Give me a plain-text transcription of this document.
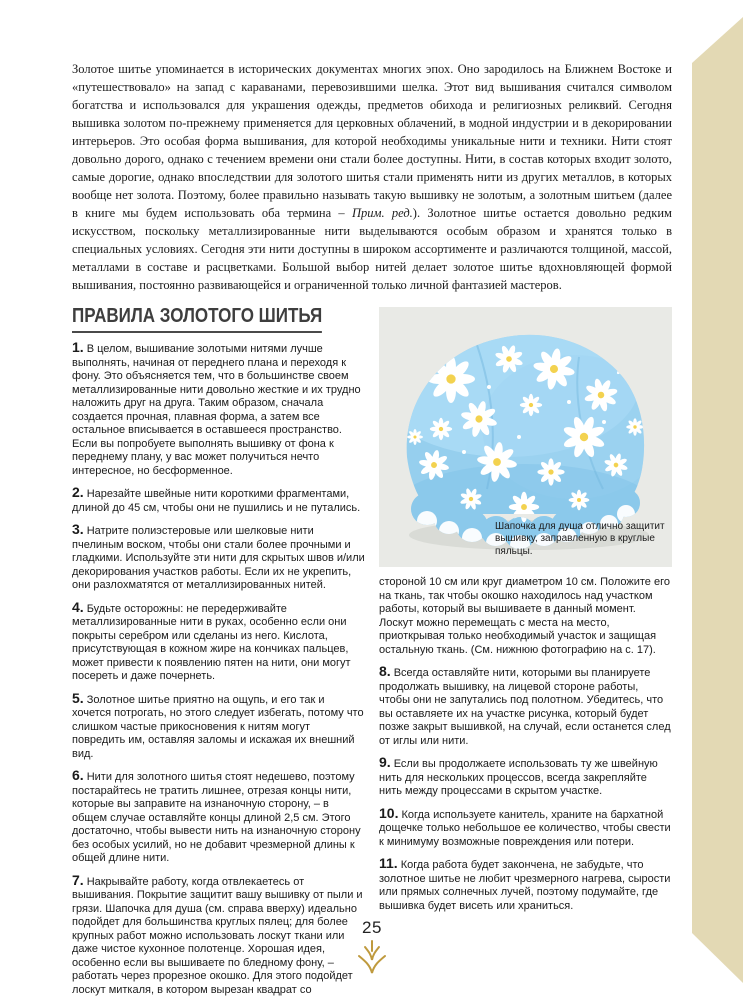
Золотое шитье упоминается в исторических документах многих эпох. Оно зародилось на Ближнем Востоке и «путешествовало» на запад с караванами, перевозившими шелка. Этот вид вышивания считался символом богатства и использовался для украшения одежды, предметов обихода и религиозных реликвий. Сегодня вышивка золотом по-прежнему применяется для церковных облачений, в модной индустрии и в декорировании интерьеров. Это особая форма вышивания, для которой необходимы уникальные нити и техники. Нити стоят довольно дорого, однако с течением времени они стали более доступны. Нити, в состав которых входит золото, самые дорогие, однако впоследствии для золотого шитья стали применять нити из других металлов, в которых вообще нет золота. Поэтому, более правильно называть такую вышивку не золотым, а золотным шитьем (далее в книге мы будем использовать оба термина – Прим. ред.). Золотное шитье остается довольно редким искусством, поскольку металлизированные нити выделываются особым образом и хранятся только в специальных условиях. Сегодня эти нити доступны в широком ассортименте и различаются толщиной, массой, металлами в составе и расцветками. Большой выбор нитей делает золотое шитье вдохновляющей формой вышивания, постоянно развивающейся и ограниченной только личной фантазией мастеров.

ПРАВИЛА ЗОЛОТОГО ШИТЬЯ

1. В целом, вышивание золотыми нитями лучше выполнять, начиная от переднего плана и переходя к фону. Это объясняется тем, что в большинстве своем металлизированные нити довольно жесткие и их трудно наложить друг на друга. Таким образом, сначала создается прочная, плавная форма, а затем все остальное вписывается в оставшееся пространство. Если вы попробуете выполнять вышивку от фона к переднему плану, у вас может получиться нечто интересное, но бесформенное.

2. Нарезайте швейные нити короткими фрагментами, длиной до 45 см, чтобы они не пушились и не путались.

3. Натрите полиэстеровые или шелковые нити пчелиным воском, чтобы они стали более прочными и гладкими. Используйте эти нити для скрытых швов и/или декорирования участков работы. Если их не укрепить, они разлохматятся от металлизированных нитей.

4. Будьте осторожны: не передерживайте металлизированные нити в руках, особенно если они покрыты серебром или сделаны из него. Кислота, присутствующая в кожном жире на кончиках пальцев, может привести к появлению пятен на нити, они могут посереть и даже почернеть.

5. Золотное шитье приятно на ощупь, и его так и хочется потрогать, но этого следует избегать, потому что слишком частые прикосновения к нитям могут повредить им, оставляя заломы и искажая их внешний вид.

6. Нити для золотного шитья стоят недешево, поэтому постарайтесь не тратить лишнее, отрезая концы нити, которые вы заправите на изнаночную сторону, – в общем случае оставляйте концы длиной 2,5 см. Этого достаточно, чтобы вывести нить на изнаночную сторону без особых усилий, но не добавит чрезмерной длины к общей длине нити.

7. Накрывайте работу, когда отвлекаетесь от вышивания. Покрытие защитит вашу вышивку от пыли и грязи. Шапочка для душа (см. справа вверху) идеально подойдет для большинства круглых пялец; для более крупных работ можно использовать лоскут ткани или даже чистое кухонное полотенце. Хорошая идея, особенно если вы вышиваете по бледному фону, – работать через прорезное окошко. Для этого подойдет лоскут миткаля, в котором вырезан квадрат со

Шапочка для душа отлично защитит вышивку, заправленную в круглые пяльцы.

стороной 10 см или круг диаметром 10 см. Положите его на ткань, так чтобы окошко находилось над участком работы, который вы вышиваете в данный момент. Лоскут можно перемещать с места на место, приоткрывая только необходимый участок и защищая остальную ткань. (См. нижнюю фотографию на с. 17).

8. Всегда оставляйте нити, которыми вы планируете продолжать вышивку, на лицевой стороне работы, чтобы они не запутались под полотном. Убедитесь, что вы оставляете их на участке рисунка, который будет позже закрыт вышивкой, на случай, если останется след от иглы или нити.

9. Если вы продолжаете использовать ту же швейную нить для нескольких процессов, всегда закрепляйте нить между процессами в скрытом участке.

10. Когда используете канитель, храните на бархатной дощечке только небольшое ее количество, чтобы свести к минимуму возможные повреждения или потери.

11. Когда работа будет закончена, не забудьте, что золотное шитье не любит чрезмерного нагрева, сырости или прямых солнечных лучей, поэтому подумайте, где вышивка будет висеть или храниться.

25
